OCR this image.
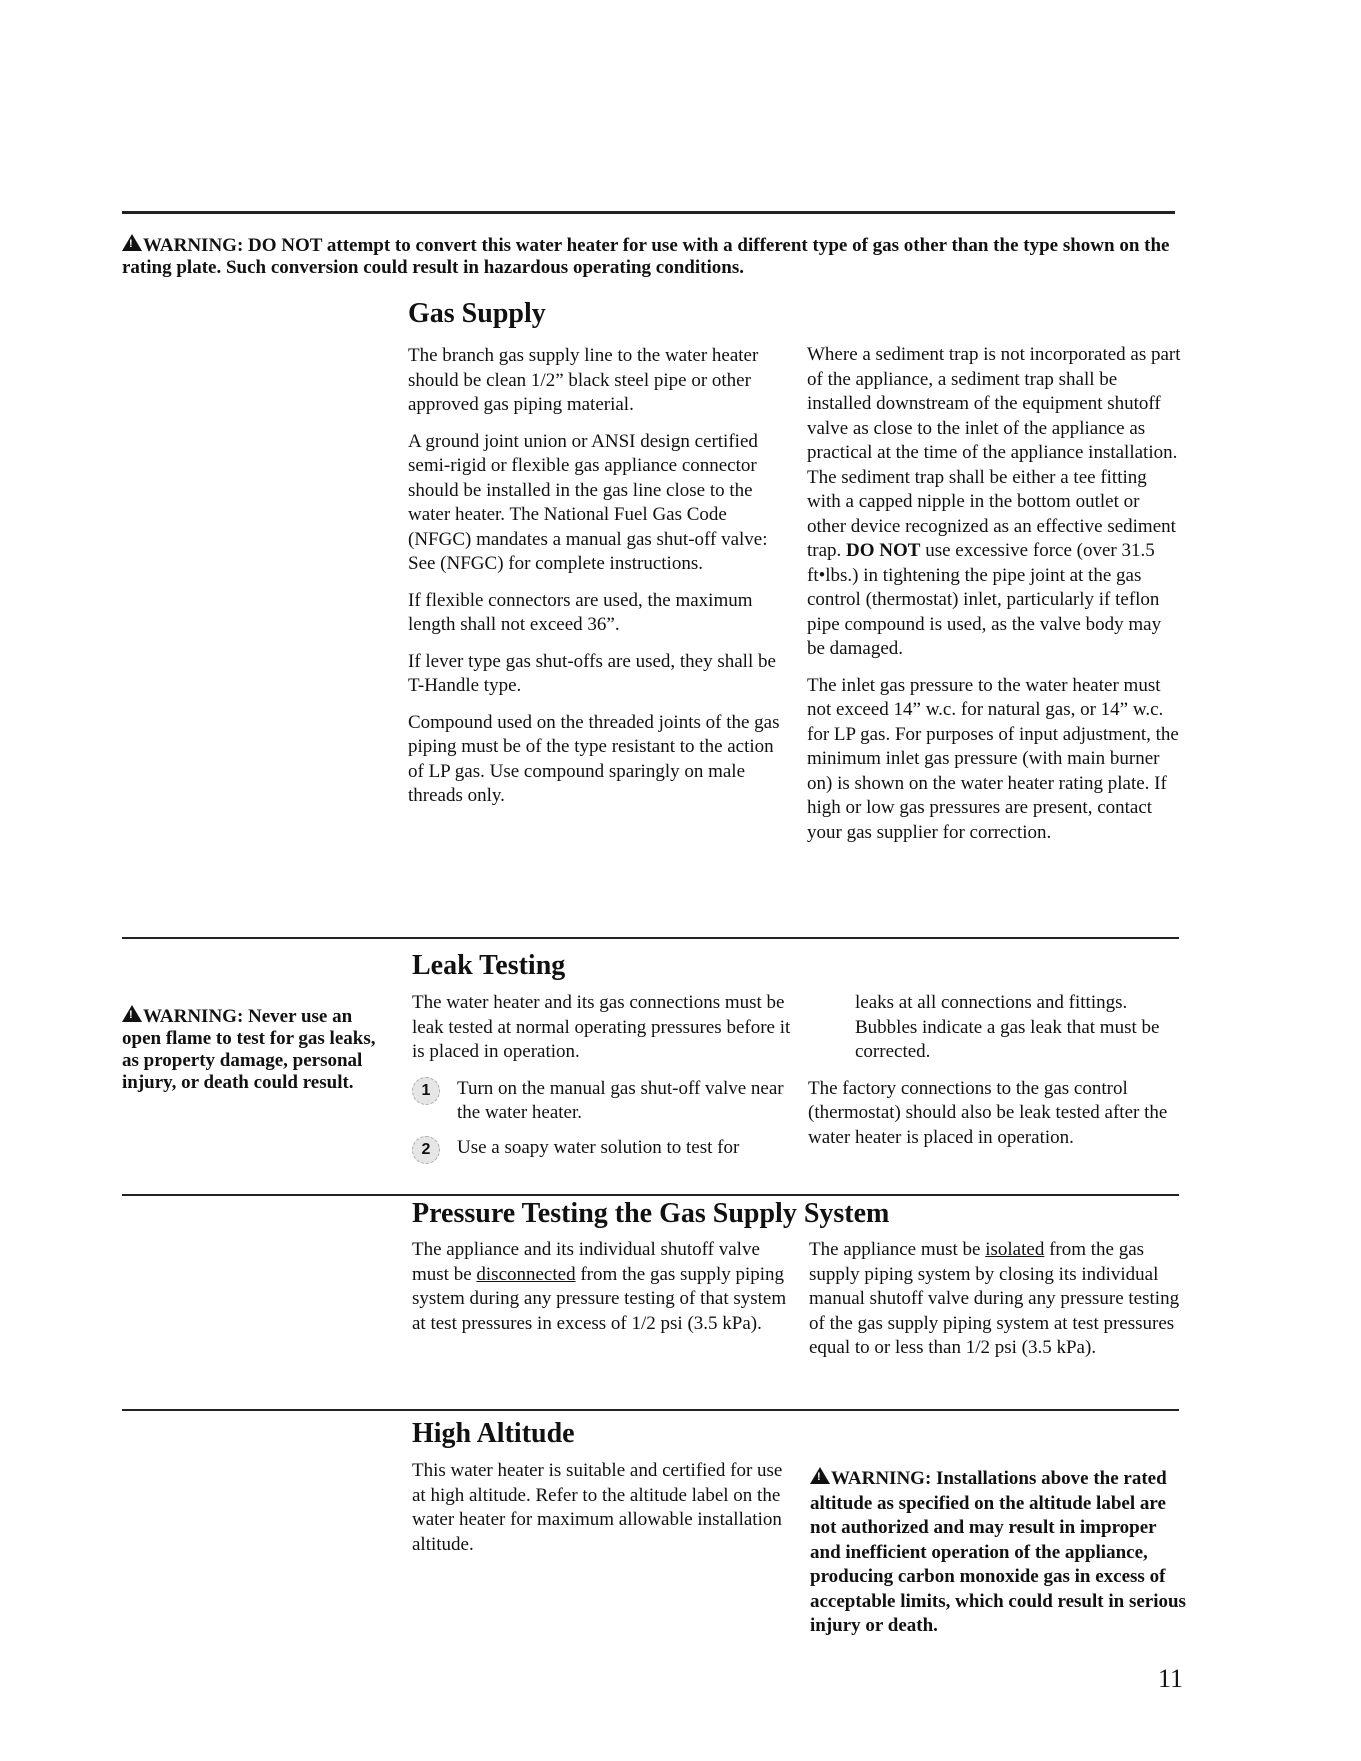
!WARNING: DO NOT attempt to convert this water heater for use with a different type of gas other than the type shown on the rating plate. Such conversion could result in hazardous operating conditions.
Gas Supply

The branch gas supply line to the water heater should be clean 1/2” black steel pipe or other approved gas piping material.

A ground joint union or ANSI design certified semi-rigid or flexible gas appliance connector should be installed in the gas line close to the water heater. The National Fuel Gas Code (NFGC) mandates a manual gas shut-off valve: See (NFGC) for complete instructions.

If flexible connectors are used, the maximum length shall not exceed 36”.

If lever type gas shut-offs are used, they shall be T-Handle type.

Compound used on the threaded joints of the gas piping must be of the type resistant to the action of LP gas. Use compound sparingly on male threads only.

Where a sediment trap is not incorporated as part of the appliance, a sediment trap shall be installed downstream of the equipment shutoff valve as close to the inlet of the appliance as practical at the time of the appliance installation. The sediment trap shall be either a tee fitting with a capped nipple in the bottom outlet or other device recognized as an effective sediment trap. DO NOT use excessive force (over 31.5 ft•lbs.) in tightening the pipe joint at the gas control (thermostat) inlet, particularly if teflon pipe compound is used, as the valve body may be damaged.

The inlet gas pressure to the water heater must not exceed 14” w.c. for natural gas, or 14” w.c. for LP gas. For purposes of input adjustment, the minimum inlet gas pressure (with main burner on) is shown on the water heater rating plate. If high or low gas pressures are present, contact your gas supplier for correction.

!WARNING: Never use an open flame to test for gas leaks, as property damage, personal injury, or death could result.
Leak Testing

The water heater and its gas connections must be leak tested at normal operating pressures before it is placed in operation.

1	Turn on the manual gas shut-off valve near the water heater.
2	Use a soapy water solution to test for

leaks at all connections and fittings. Bubbles indicate a gas leak that must be corrected.

The factory connections to the gas control (thermostat) should also be leak tested after the water heater is placed in operation.

Pressure Testing the Gas Supply System

The appliance and its individual shutoff valve must be disconnected from the gas supply piping system during any pressure testing of that system at test pressures in excess of 1/2 psi (3.5 kPa).

The appliance must be isolated from the gas supply piping system by closing its individual manual shutoff valve during any pressure testing of the gas supply piping system at test pressures equal to or less than 1/2 psi (3.5 kPa).

High Altitude

This water heater is suitable and certified for use at high altitude. Refer to the altitude label on the water heater for maximum allowable installation altitude.

!WARNING: Installations above the rated altitude as specified on the altitude label are not authorized and may result in improper and inefficient operation of the appliance, producing carbon monoxide gas in excess of acceptable limits, which could result in serious injury or death.
11
